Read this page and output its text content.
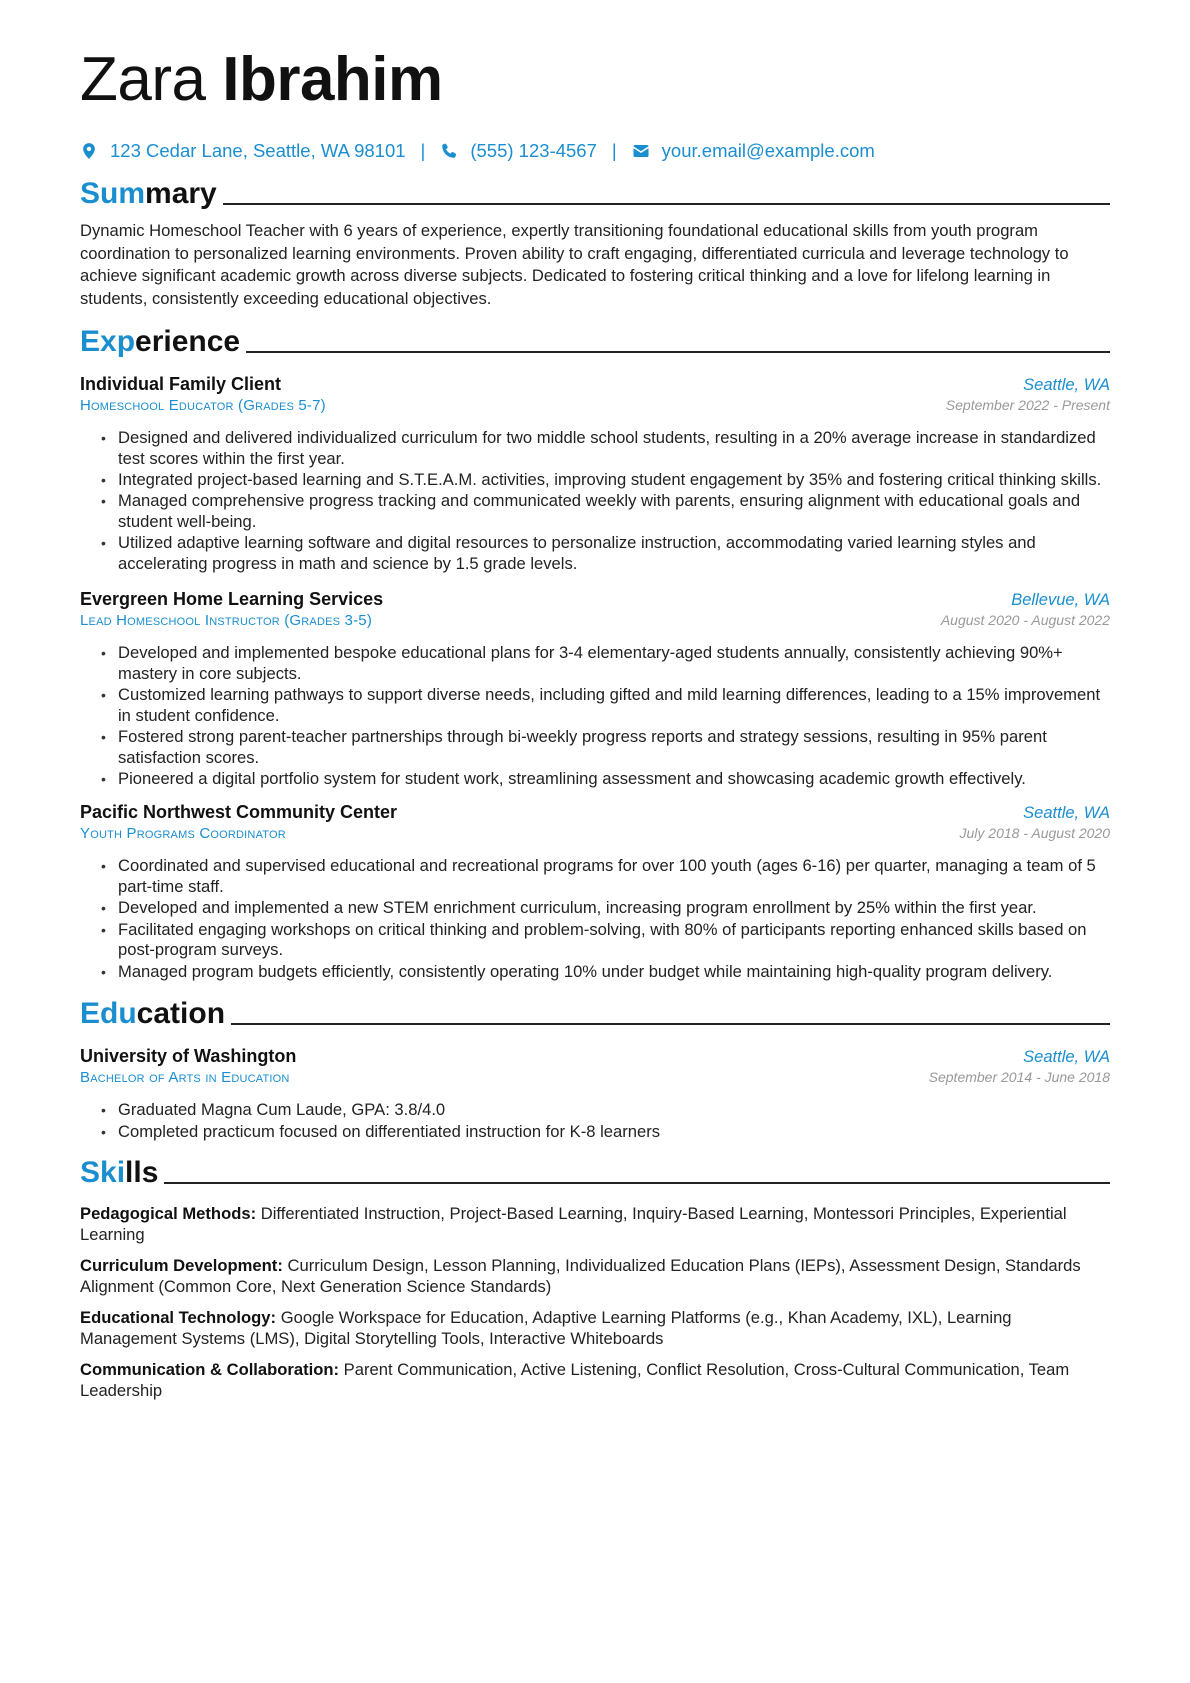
Zara Ibrahim
123 Cedar Lane, Seattle, WA 98101 | (555) 123-4567 | your.email@example.com
Summary

Dynamic Homeschool Teacher with 6 years of experience, expertly transitioning foundational educational skills from youth program coordination to personalized learning environments. Proven ability to craft engaging, differentiated curricula and leverage technology to achieve significant academic growth across diverse subjects. Dedicated to fostering critical thinking and a love for lifelong learning in students, consistently exceeding educational objectives.

Experience
Individual Family Client	Seattle, WA
Homeschool Educator (Grades 5-7)	September 2022 - Present
• Designed and delivered individualized curriculum for two middle school students, resulting in a 20% average increase in standardized test scores within the first year.
• Integrated project-based learning and S.T.E.A.M. activities, improving student engagement by 35% and fostering critical thinking skills.
• Managed comprehensive progress tracking and communicated weekly with parents, ensuring alignment with educational goals and student well-being.
• Utilized adaptive learning software and digital resources to personalize instruction, accommodating varied learning styles and accelerating progress in math and science by 1.5 grade levels.
Evergreen Home Learning Services	Bellevue, WA
Lead Homeschool Instructor (Grades 3-5)	August 2020 - August 2022
• Developed and implemented bespoke educational plans for 3-4 elementary-aged students annually, consistently achieving 90%+ mastery in core subjects.
• Customized learning pathways to support diverse needs, including gifted and mild learning differences, leading to a 15% improvement in student confidence.
• Fostered strong parent-teacher partnerships through bi-weekly progress reports and strategy sessions, resulting in 95% parent satisfaction scores.
• Pioneered a digital portfolio system for student work, streamlining assessment and showcasing academic growth effectively.
Pacific Northwest Community Center	Seattle, WA
Youth Programs Coordinator	July 2018 - August 2020
• Coordinated and supervised educational and recreational programs for over 100 youth (ages 6-16) per quarter, managing a team of 5 part-time staff.
• Developed and implemented a new STEM enrichment curriculum, increasing program enrollment by 25% within the first year.
• Facilitated engaging workshops on critical thinking and problem-solving, with 80% of participants reporting enhanced skills based on post-program surveys.
• Managed program budgets efficiently, consistently operating 10% under budget while maintaining high-quality program delivery.
Education
University of Washington	Seattle, WA
Bachelor of Arts in Education	September 2014 - June 2018
• Graduated Magna Cum Laude, GPA: 3.8/4.0
• Completed practicum focused on differentiated instruction for K-8 learners
Skills

Pedagogical Methods: Differentiated Instruction, Project-Based Learning, Inquiry-Based Learning, Montessori Principles, Experiential Learning

Curriculum Development: Curriculum Design, Lesson Planning, Individualized Education Plans (IEPs), Assessment Design, Standards Alignment (Common Core, Next Generation Science Standards)

Educational Technology: Google Workspace for Education, Adaptive Learning Platforms (e.g., Khan Academy, IXL), Learning Management Systems (LMS), Digital Storytelling Tools, Interactive Whiteboards

Communication & Collaboration: Parent Communication, Active Listening, Conflict Resolution, Cross-Cultural Communication, Team Leadership
